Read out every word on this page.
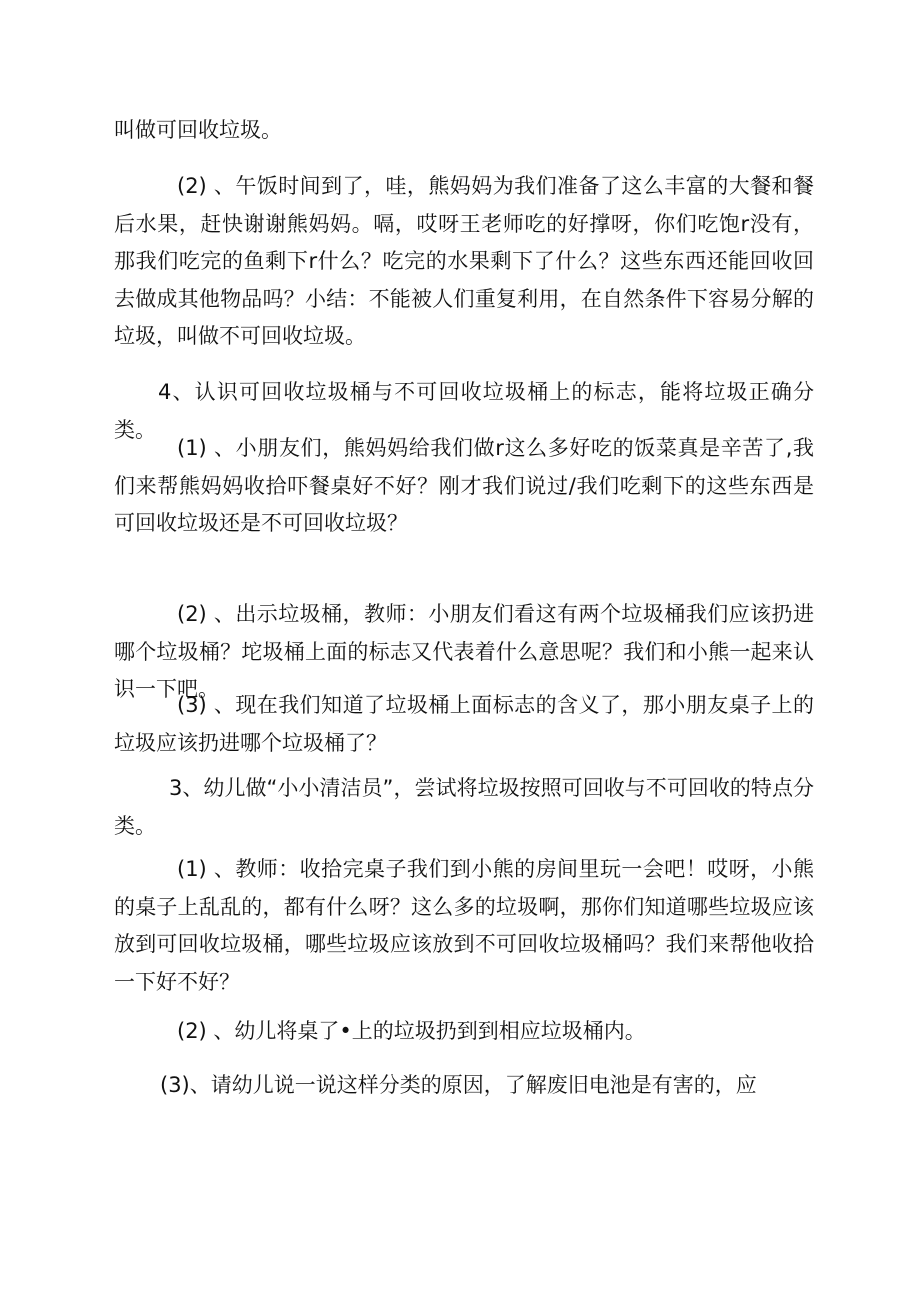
叫做可回收垃圾。

(2) 、午饭时间到了，哇，熊妈妈为我们准备了这么丰富的大餐和餐后水果，赶快谢谢熊妈妈。嗝，哎呀王老师吃的好撑呀，你们吃饱r没有，那我们吃完的鱼剩下r什么？吃完的水果剩下了什么？这些东西还能回收回去做成其他物品吗？小结：不能被人们重复利用，在自然条件下容易分解的垃圾，叫做不可回收垃圾。

4、认识可回收垃圾桶与不可回收垃圾桶上的标志，能将垃圾正确分类。

(1) 、小朋友们，熊妈妈给我们做r这么多好吃的饭菜真是辛苦了,我们来帮熊妈妈收拾吓餐桌好不好？刚才我们说过/我们吃剩下的这些东西是可回收垃圾还是不可回收垃圾？

(2) 、出示垃圾桶，教师：小朋友们看这有两个垃圾桶我们应该扔进哪个垃圾桶？坨圾桶上面的标志又代表着什么意思呢？我们和小熊一起来认识一下吧。

(3) 、现在我们知道了垃圾桶上面标志的含义了，那小朋友桌子上的垃圾应该扔进哪个垃圾桶了？

3、幼儿做“小小清洁员”，尝试将垃圾按照可回收与不可回收的特点分类。

(1) 、教师：收拾完桌子我们到小熊的房间里玩一会吧！哎呀，小熊的桌子上乱乱的，都有什么呀？这么多的垃圾啊，那你们知道哪些垃圾应该放到可回收垃圾桶，哪些垃圾应该放到不可回收垃圾桶吗？我们来帮他收拾一下好不好？

(2) 、幼儿将桌了•上的垃圾扔到到相应垃圾桶内。

(3)、请幼儿说一说这样分类的原因，了解废旧电池是有害的，应
